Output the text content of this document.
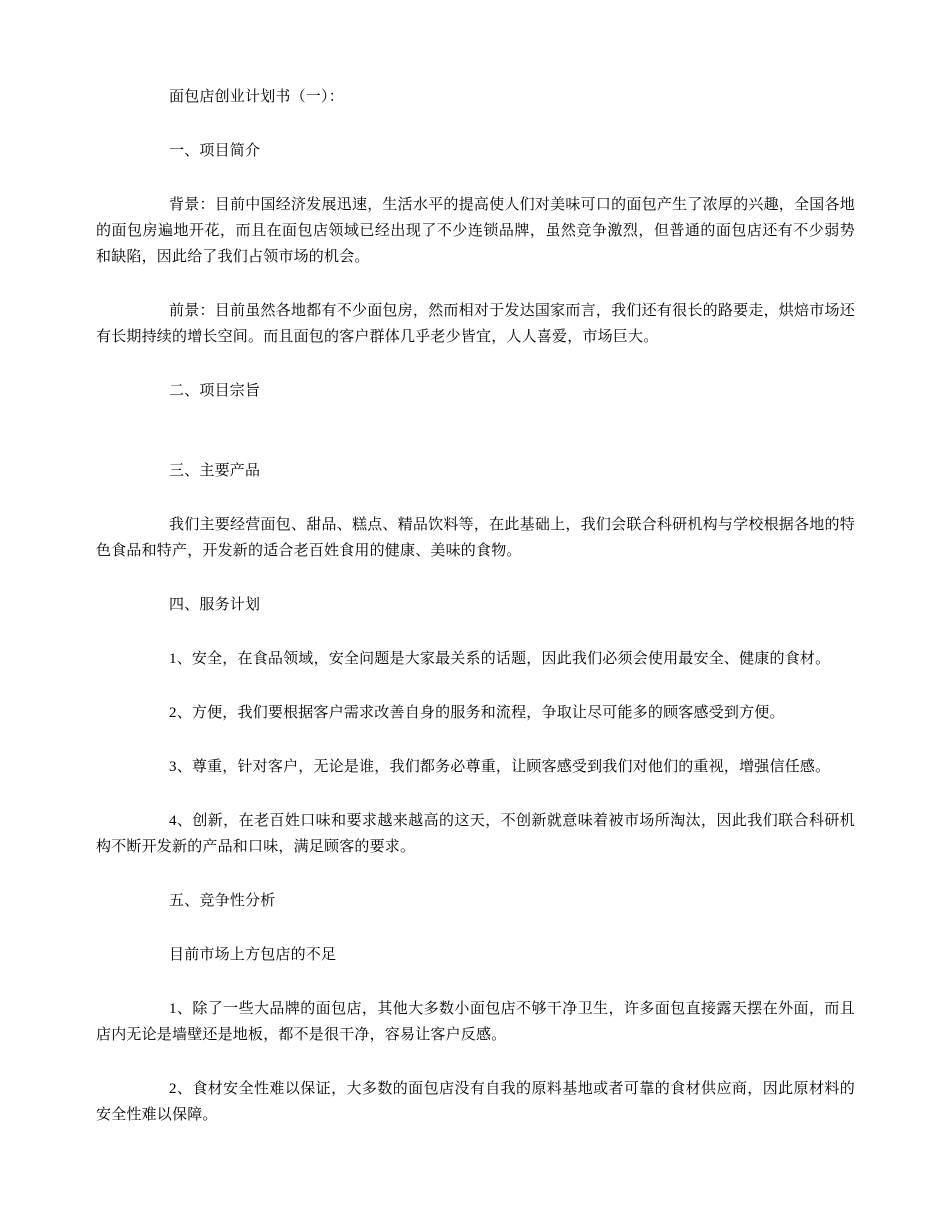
面包店创业计划书（一）：

一、项目简介

背景：目前中国经济发展迅速，生活水平的提高使人们对美味可口的面包产生了浓厚的兴趣，全国各地的面包房遍地开花，而且在面包店领域已经出现了不少连锁品牌，虽然竞争激烈，但普通的面包店还有不少弱势和缺陷，因此给了我们占领市场的机会。

前景：目前虽然各地都有不少面包房，然而相对于发达国家而言，我们还有很长的路要走，烘焙市场还有长期持续的增长空间。而且面包的客户群体几乎老少皆宜，人人喜爱，市场巨大。

二、项目宗旨

三、主要产品

我们主要经营面包、甜品、糕点、精品饮料等，在此基础上，我们会联合科研机构与学校根据各地的特色食品和特产，开发新的适合老百姓食用的健康、美味的食物。

四、服务计划

1、安全，在食品领域，安全问题是大家最关系的话题，因此我们必须会使用最安全、健康的食材。

2、方便，我们要根据客户需求改善自身的服务和流程，争取让尽可能多的顾客感受到方便。

3、尊重，针对客户，无论是谁，我们都务必尊重，让顾客感受到我们对他们的重视，增强信任感。

4、创新，在老百姓口味和要求越来越高的这天，不创新就意味着被市场所淘汰，因此我们联合科研机构不断开发新的产品和口味，满足顾客的要求。

五、竞争性分析

目前市场上方包店的不足

1、除了一些大品牌的面包店，其他大多数小面包店不够干净卫生，许多面包直接露天摆在外面，而且店内无论是墙壁还是地板，都不是很干净，容易让客户反感。

2、食材安全性难以保证，大多数的面包店没有自我的原料基地或者可靠的食材供应商，因此原材料的安全性难以保障。
